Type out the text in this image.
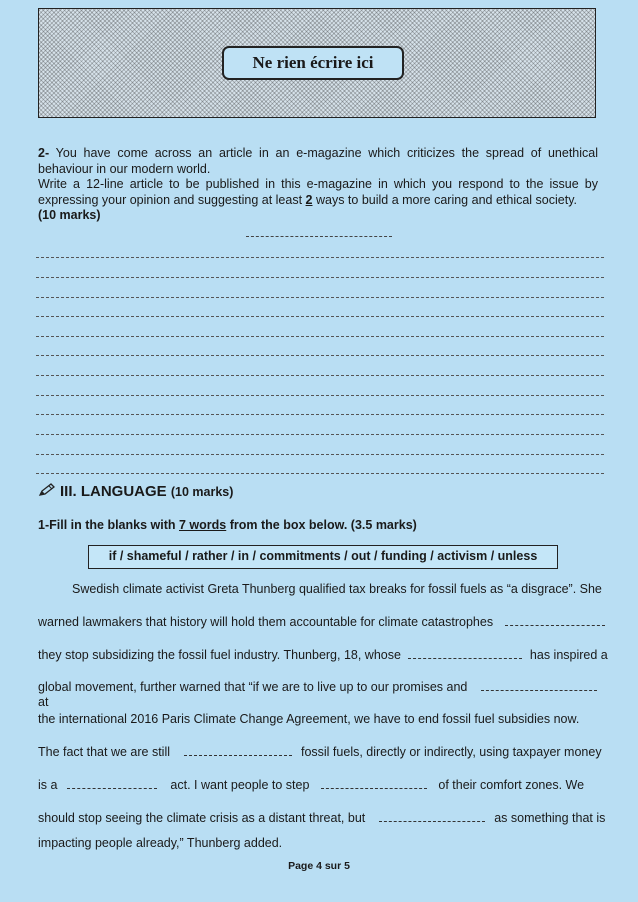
Ne rien écrire ici

2- You have come across an article in an e-magazine which criticizes the spread of unethical behaviour in our modern world.

Write a 12-line article to be published in this e-magazine in which you respond to the issue by expressing your opinion and suggesting at least 2 ways to build a more caring and ethical society.

(10 marks)

III. LANGUAGE (10 marks)
1-Fill in the blanks with 7 words from the box below. (3.5 marks)
if / shameful / rather / in / commitments / out / funding / activism / unless
Swedish climate activist Greta Thunberg qualified tax breaks for fossil fuels as “a disgrace”. She
warned lawmakers that history will hold them accountable for climate catastrophes
they stop subsidizing the fossil fuel industry. Thunberg, 18, whose	has inspired a
global movement, further warned that “if we are to live up to our promises and  at
the international 2016 Paris Climate Change Agreement, we have to end fossil fuel subsidies now.
The fact that we are still	fossil fuels, directly or indirectly, using taxpayer money
is a	act. I want people to step	of their comfort zones. We
should stop seeing the climate crisis as a distant threat, but	as something that is
impacting people already,” Thunberg added.
Page 4 sur 5
